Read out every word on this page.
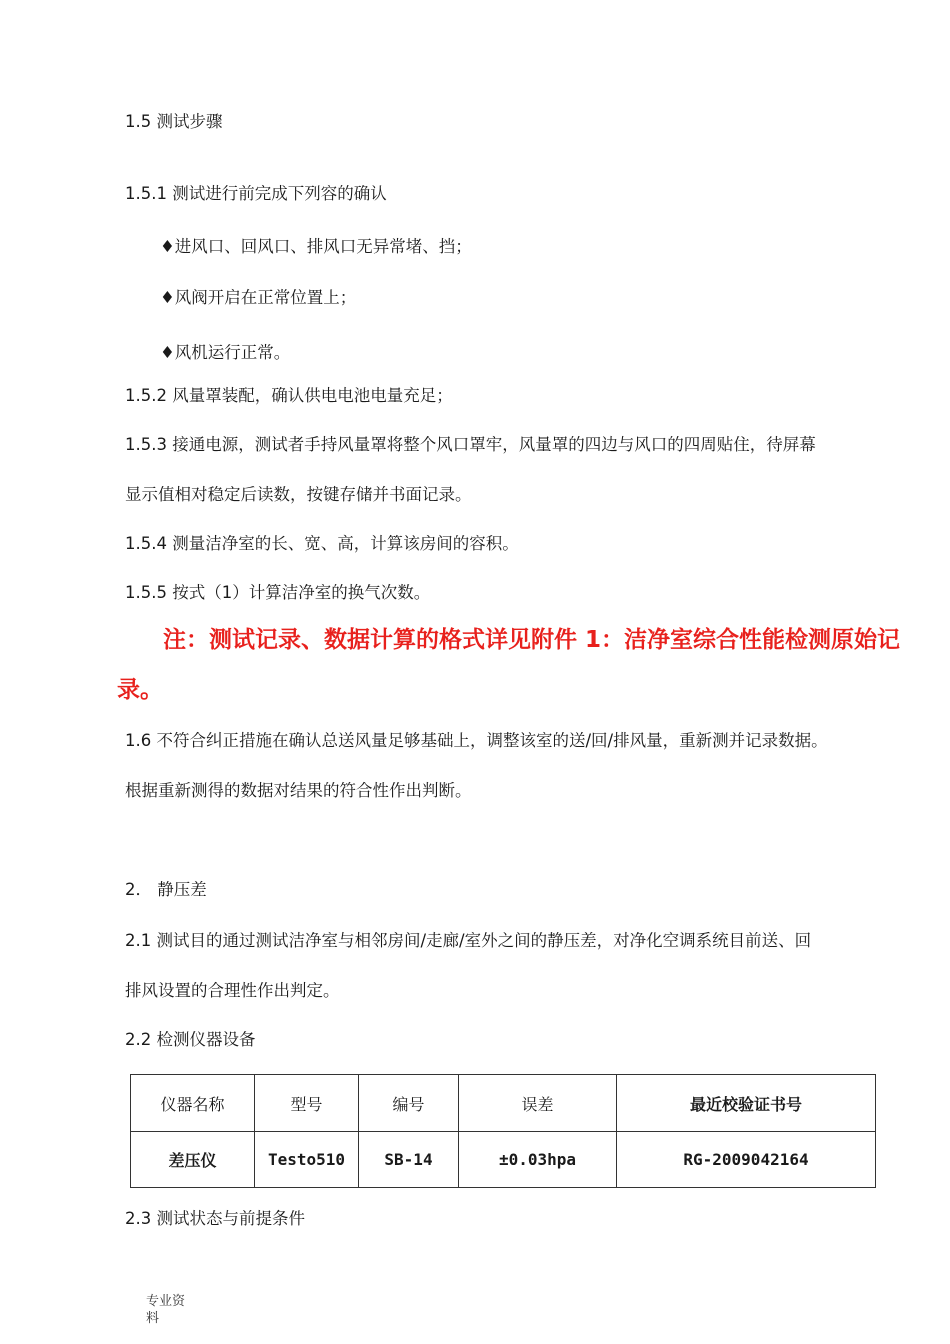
1.5 测试步骤
1.5.1 测试进行前完成下列容的确认
♦进风口、回风口、排风口无异常堵、挡；
♦风阀开启在正常位置上；
♦风机运行正常。
1.5.2 风量罩装配，确认供电电池电量充足；
1.5.3 接通电源，测试者手持风量罩将整个风口罩牢，风量罩的四边与风口的四周贴住，待屏幕
显示值相对稳定后读数，按键存储并书面记录。
1.5.4 测量洁净室的长、宽、高，计算该房间的容积。
1.5.5 按式（1）计算洁净室的换气次数。
注：测试记录、数据计算的格式详见附件 1：洁净室综合性能检测原始记录。
1.6 不符合纠正措施在确认总送风量足够基础上，调整该室的送/回/排风量，重新测并记录数据。
根据重新测得的数据对结果的符合性作出判断。
2． 静压差
2.1 测试目的通过测试洁净室与相邻房间/走廊/室外之间的静压差，对净化空调系统目前送、回
排风设置的合理性作出判定。
2.2 检测仪器设备
仪器名称	型号	编号	误差	最近校验证书号
差压仪	Testo510	SB-14	±0.03hpa	RG-2009042164
2.3 测试状态与前提条件
专业资料
